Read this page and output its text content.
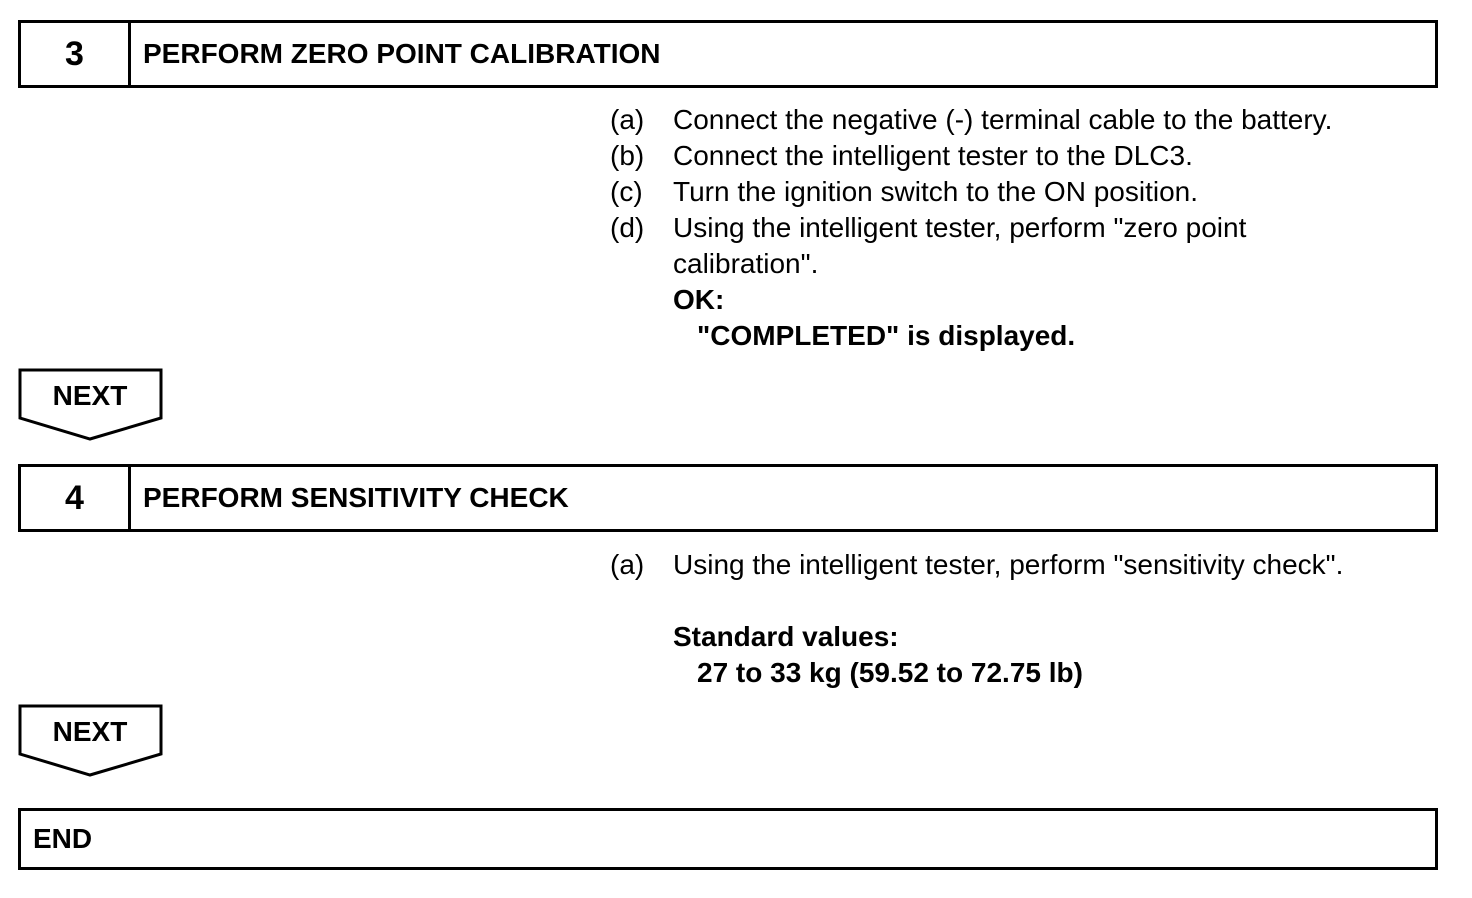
3	PERFORM ZERO POINT CALIBRATION
(a)	Connect the negative (-) terminal cable to the battery.
(b)	Connect the intelligent tester to the DLC3.
(c)	Turn the ignition switch to the ON position.
(d)	Using the intelligent tester, perform "zero point
calibration".
OK:
"COMPLETED" is displayed.
NEXT
4	PERFORM SENSITIVITY CHECK
(a)	Using the intelligent tester, perform "sensitivity check".
Standard values:
27 to 33 kg (59.52 to 72.75 lb)
NEXT
END
